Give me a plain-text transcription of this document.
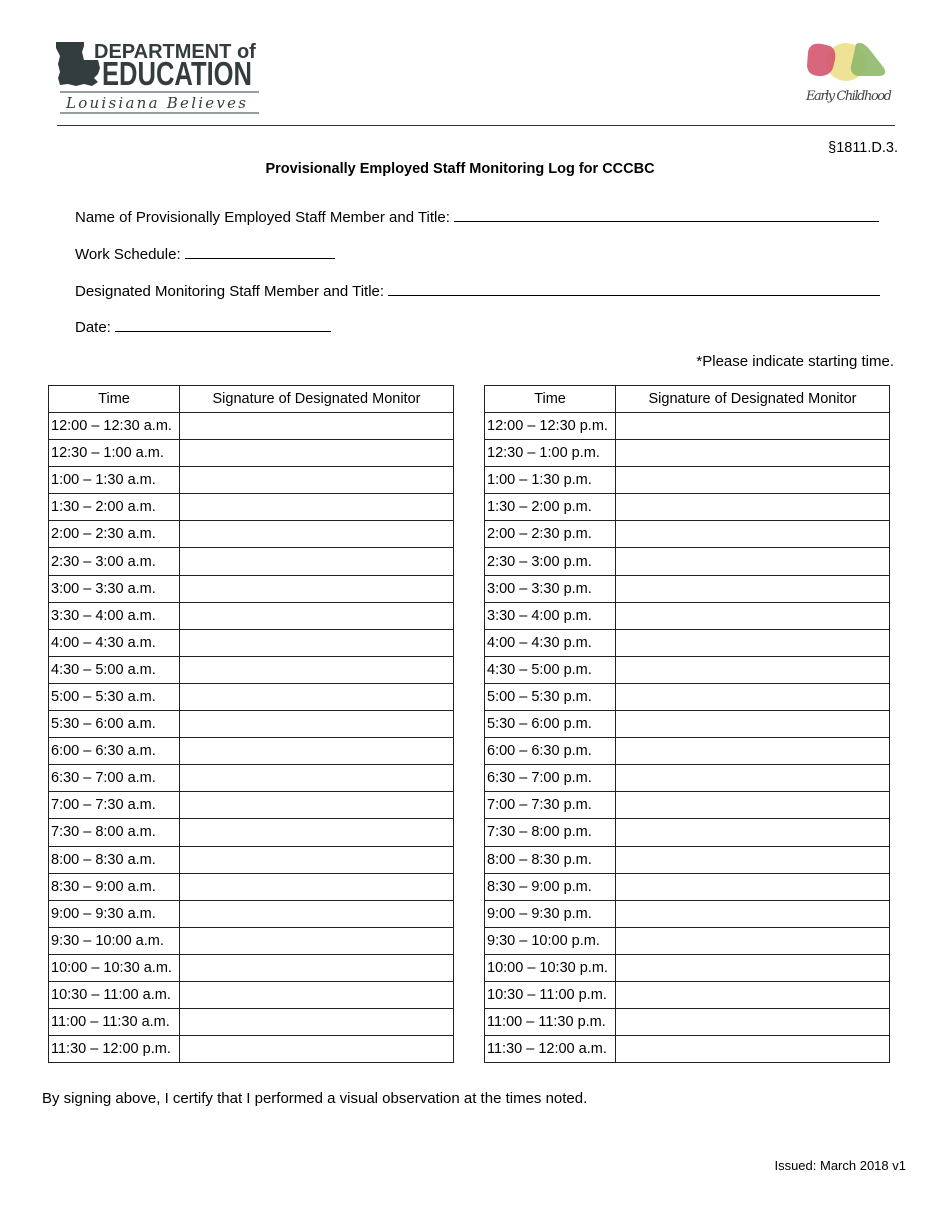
DEPARTMENT of
EDUCATION
Louisiana Believes	Early Childhood
§1811.D.3.
Provisionally Employed Staff Monitoring Log for CCCBC
Name of Provisionally Employed Staff Member and Title:
Work Schedule:
Designated Monitoring Staff Member and Title:
Date:
*Please indicate starting time.
Time	Signature of Designated Monitor
12:00 – 12:30 a.m.	
12:30 – 1:00 a.m.	
1:00 – 1:30 a.m.	
1:30 – 2:00 a.m.	
2:00 – 2:30 a.m.	
2:30 – 3:00 a.m.	
3:00 – 3:30 a.m.	
3:30 – 4:00 a.m.	
4:00 – 4:30 a.m.	
4:30 – 5:00 a.m.	
5:00 – 5:30 a.m.	
5:30 – 6:00 a.m.	
6:00 – 6:30 a.m.	
6:30 – 7:00 a.m.	
7:00 – 7:30 a.m.	
7:30 – 8:00 a.m.	
8:00 – 8:30 a.m.	
8:30 – 9:00 a.m.	
9:00 – 9:30 a.m.	
9:30 – 10:00 a.m.	
10:00 – 10:30 a.m.	
10:30 – 11:00 a.m.	
11:00 – 11:30 a.m.	
11:30 – 12:00 p.m.	
Time	Signature of Designated Monitor
12:00 – 12:30 p.m.	
12:30 – 1:00 p.m.	
1:00 – 1:30 p.m.	
1:30 – 2:00 p.m.	
2:00 – 2:30 p.m.	
2:30 – 3:00 p.m.	
3:00 – 3:30 p.m.	
3:30 – 4:00 p.m.	
4:00 – 4:30 p.m.	
4:30 – 5:00 p.m.	
5:00 – 5:30 p.m.	
5:30 – 6:00 p.m.	
6:00 – 6:30 p.m.	
6:30 – 7:00 p.m.	
7:00 – 7:30 p.m.	
7:30 – 8:00 p.m.	
8:00 – 8:30 p.m.	
8:30 – 9:00 p.m.	
9:00 – 9:30 p.m.	
9:30 – 10:00 p.m.	
10:00 – 10:30 p.m.	
10:30 – 11:00 p.m.	
11:00 – 11:30 p.m.	
11:30 – 12:00 a.m.	
By signing above, I certify that I performed a visual observation at the times noted.
Issued: March 2018 v1
